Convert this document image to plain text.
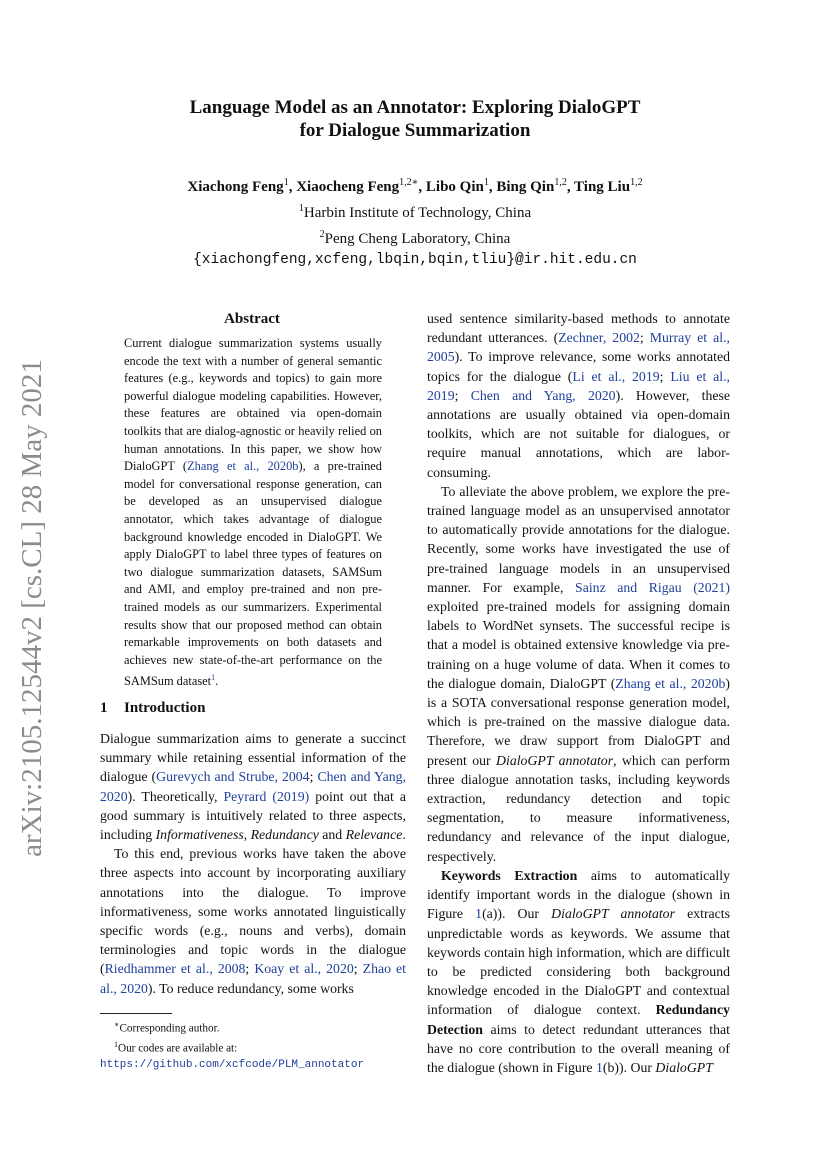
arXiv:2105.12544v2 [cs.CL] 28 May 2021
Language Model as an Annotator: Exploring DialoGPT
for Dialogue Summarization
Xiachong Feng$^1$, Xiaocheng Feng$^{1,2∗}$, Libo Qin$^1$, Bing Qin$^{1,2}$, Ting Liu$^{1,2}$
$^1$Harbin Institute of Technology, China
$^2$Peng Cheng Laboratory, China
{xiachongfeng,xcfeng,lbqin,bqin,tliu}@ir.hit.edu.cn
Abstract
Current dialogue summarization systems usually encode the text with a number of general semantic features (e.g., keywords and topics) to gain more powerful dialogue modeling capabilities. However, these features are obtained via open-domain toolkits that are dialog-agnostic or heavily relied on human annotations. In this paper, we show how DialoGPT (Zhang et al., 2020b), a pre-trained model for conversational response generation, can be developed as an unsupervised dialogue annotator, which takes advantage of dialogue background knowledge encoded in DialoGPT. We apply DialoGPT to label three types of features on two dialogue summarization datasets, SAMSum and AMI, and employ pre-trained and non pre-trained models as our summarizers. Experimental results show that our proposed method can obtain remarkable improvements on both datasets and achieves new state-of-the-art performance on the SAMSum dataset$^1$.
1 Introduction

Dialogue summarization aims to generate a succinct summary while retaining essential information of the dialogue (Gurevych and Strube, 2004; Chen and Yang, 2020). Theoretically, Peyrard (2019) point out that a good summary is intuitively related to three aspects, including Informativeness, Redundancy and Relevance.

To this end, previous works have taken the above three aspects into account by incorporating auxiliary annotations into the dialogue. To improve informativeness, some works annotated linguistically specific words (e.g., nouns and verbs), domain terminologies and topic words in the dialogue (Riedhammer et al., 2008; Koay et al., 2020; Zhao et al., 2020). To reduce redundancy, some works

∗Corresponding author.
$^1$Our codes are available at: https://github.com/xcfcode/PLM_annotator

used sentence similarity-based methods to annotate redundant utterances. (Zechner, 2002; Murray et al., 2005). To improve relevance, some works annotated topics for the dialogue (Li et al., 2019; Liu et al., 2019; Chen and Yang, 2020). However, these annotations are usually obtained via open-domain toolkits, which are not suitable for dialogues, or require manual annotations, which are labor-consuming.

To alleviate the above problem, we explore the pre-trained language model as an unsupervised annotator to automatically provide annotations for the dialogue. Recently, some works have investigated the use of pre-trained language models in an unsupervised manner. For example, Sainz and Rigau (2021) exploited pre-trained models for assigning domain labels to WordNet synsets. The successful recipe is that a model is obtained extensive knowledge via pre-training on a huge volume of data. When it comes to the dialogue domain, DialoGPT (Zhang et al., 2020b) is a SOTA conversational response generation model, which is pre-trained on the massive dialogue data. Therefore, we draw support from DialoGPT and present our DialoGPT annotator, which can perform three dialogue annotation tasks, including keywords extraction, redundancy detection and topic segmentation, to measure informativeness, redundancy and relevance of the input dialogue, respectively.

Keywords Extraction aims to automatically identify important words in the dialogue (shown in Figure 1(a)). Our DialoGPT annotator extracts unpredictable words as keywords. We assume that keywords contain high information, which are difficult to be predicted considering both background knowledge encoded in the DialoGPT and contextual information of dialogue context. Redundancy Detection aims to detect redundant utterances that have no core contribution to the overall meaning of the dialogue (shown in Figure 1(b)). Our DialoGPT
